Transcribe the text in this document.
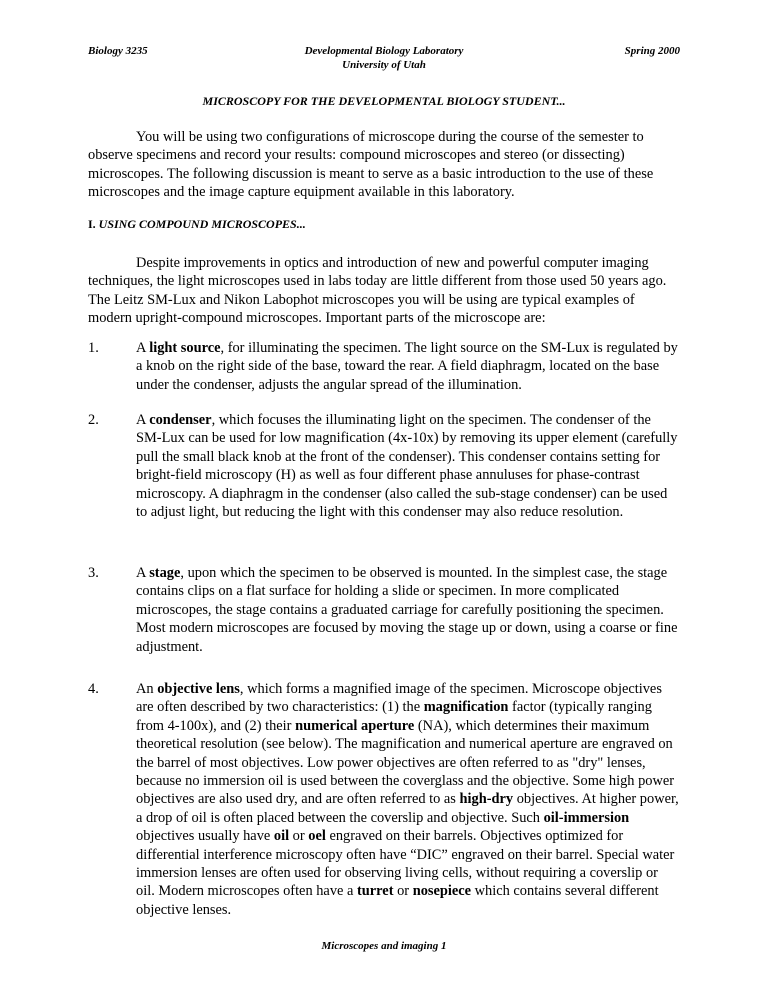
Biology 3235	Developmental Biology Laboratory
University of Utah
Spring 2000
MICROSCOPY FOR THE DEVELOPMENTAL BIOLOGY STUDENT...

You will be using two configurations of microscope during the course of the semester to observe specimens and record your results: compound microscopes and stereo (or dissecting) microscopes. The following discussion is meant to serve as a basic introduction to the use of these microscopes and the image capture equipment available in this laboratory.

I. USING COMPOUND MICROSCOPES...

Despite improvements in optics and introduction of new and powerful computer imaging techniques, the light microscopes used in labs today are little different from those used 50 years ago. The Leitz SM-Lux and Nikon Labophot microscopes you will be using are typical examples of modern upright-compound microscopes. Important parts of the microscope are:

1.	A light source, for illuminating the specimen. The light source on the SM-Lux is regulated by a knob on the right side of the base, toward the rear. A field diaphragm, located on the base under the condenser, adjusts the angular spread of the illumination.
2.	A condenser, which focuses the illuminating light on the specimen. The condenser of the SM-Lux can be used for low magnification (4x-10x) by removing its upper element (carefully pull the small black knob at the front of the condenser). This condenser contains setting for bright-field microscopy (H) as well as four different phase annuluses for phase-contrast microscopy. A diaphragm in the condenser (also called the sub-stage condenser) can be used to adjust light, but reducing the light with this condenser may also reduce resolution.
3.	A stage, upon which the specimen to be observed is mounted. In the simplest case, the stage contains clips on a flat surface for holding a slide or specimen. In more complicated microscopes, the stage contains a graduated carriage for carefully positioning the specimen. Most modern microscopes are focused by moving the stage up or down, using a coarse or fine adjustment.
4.	An objective lens, which forms a magnified image of the specimen. Microscope objectives are often described by two characteristics: (1) the magnification factor (typically ranging from 4-100x), and (2) their numerical aperture (NA), which determines their maximum theoretical resolution (see below). The magnification and numerical aperture are engraved on the barrel of most objectives. Low power objectives are often referred to as "dry" lenses, because no immersion oil is used between the coverglass and the objective. Some high power objectives are also used dry, and are often referred to as high-dry objectives. At higher power, a drop of oil is often placed between the coverslip and objective. Such oil-immersion objectives usually have oil or oel engraved on their barrels. Objectives optimized for differential interference microscopy often have “DIC” engraved on their barrel. Special water immersion lenses are often used for observing living cells, without requiring a coverslip or oil. Modern microscopes often have a turret or nosepiece which contains several different objective lenses.
Microscopes and imaging 1
